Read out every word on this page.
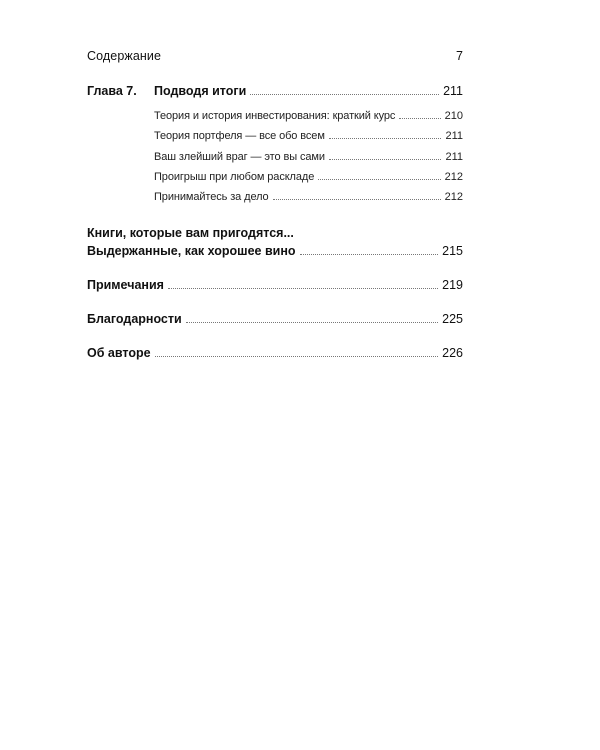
Содержание	7
Глава 7.	Подводя итоги	211
Теория и история инвестирования: краткий курс	210
Теория портфеля — все обо всем	211
Ваш злейший враг — это вы сами	211
Проигрыш при любом раскладе	212
Принимайтесь за дело	212
Книги, которые вам пригодятся...
Выдержанные, как хорошее вино	215
Примечания	219
Благодарности	225
Об авторе	226
